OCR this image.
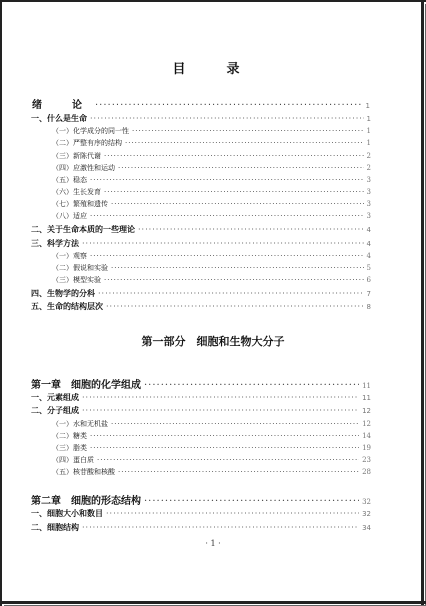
目　录
绪　论 ·····	1
一、什么是生命 ·····	1
（一）化学成分的同一性 ·····	1
（二）严整有序的结构 ·····	1
（三）新陈代谢 ·····	2
（四）应激性和运动 ·····	2
（五）稳态 ·····	3
（六）生长发育 ·····	3
（七）繁殖和遗传 ·····	3
（八）适应 ·····	3
二、关于生命本质的一些理论 ·····	4
三、科学方法 ·····	4
（一）观察 ·····	4
（二）假说和实验 ·····	5
（三）模型实验 ·····	6
四、生物学的分科 ·····	7
五、生命的结构层次 ·····	8
第一部分　细胞和生物大分子
第一章　细胞的化学组成 ·····	11
一、元素组成 ·····	11
二、分子组成 ·····	12
（一）水和无机盐 ·····	12
（二）糖类 ·····	14
（三）脂类 ·····	19
（四）蛋白质 ·····	23
（五）核苷酸和核酸 ·····	28
第二章　细胞的形态结构 ·····	32
一、细胞大小和数目 ·····	32
二、细胞结构 ·····	34
· 1 ·
